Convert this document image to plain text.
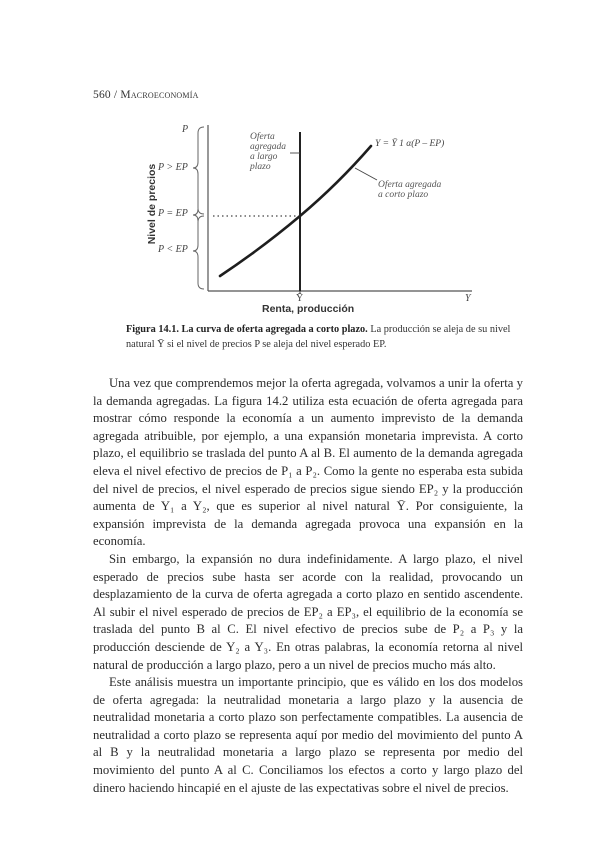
560 / Macroeconomía
P
P > EP
P = EP
P < EP
Nivel de precios
Ȳ	Y
Renta, producción
Oferta
agregada
a largo
plazo
Y = Ȳ 1 α(P – EP)
Oferta agregada
a corto plazo
Figura 14.1. La curva de oferta agregada a corto plazo. La producción se aleja de su nivel natural Ȳ si el nivel de precios P se aleja del nivel esperado EP.

Una vez que comprendemos mejor la oferta agregada, volvamos a unir la oferta y la demanda agregadas. La figura 14.2 utiliza esta ecuación de oferta agregada para mostrar cómo responde la economía a un aumento imprevisto de la demanda agregada atribuible, por ejemplo, a una expansión monetaria imprevista. A corto plazo, el equilibrio se traslada del punto A al B. El aumento de la demanda agregada eleva el nivel efectivo de precios de P₁ a P₂. Como la gente no esperaba esta subida del nivel de precios, el nivel esperado de precios sigue siendo EP₂ y la producción aumenta de Y₁ a Y₂, que es superior al nivel natural Ȳ. Por consiguiente, la expansión imprevista de la demanda agregada provoca una expansión en la economía.

Sin embargo, la expansión no dura indefinidamente. A largo plazo, el nivel esperado de precios sube hasta ser acorde con la realidad, provocando un desplazamiento de la curva de oferta agregada a corto plazo en sentido ascendente. Al subir el nivel esperado de precios de EP₂ a EP₃, el equilibrio de la economía se traslada del punto B al C. El nivel efectivo de precios sube de P₂ a P₃ y la producción desciende de Y₂ a Y₃. En otras palabras, la economía retorna al nivel natural de producción a largo plazo, pero a un nivel de precios mucho más alto.

Este análisis muestra un importante principio, que es válido en los dos modelos de oferta agregada: la neutralidad monetaria a largo plazo y la ausencia de neutralidad monetaria a corto plazo son perfectamente compatibles. La ausencia de neutralidad a corto plazo se representa aquí por medio del movimiento del punto A al B y la neutralidad monetaria a largo plazo se representa por medio del movimiento del punto A al C. Conciliamos los efectos a corto y largo plazo del dinero haciendo hincapié en el ajuste de las expectativas sobre el nivel de precios.
